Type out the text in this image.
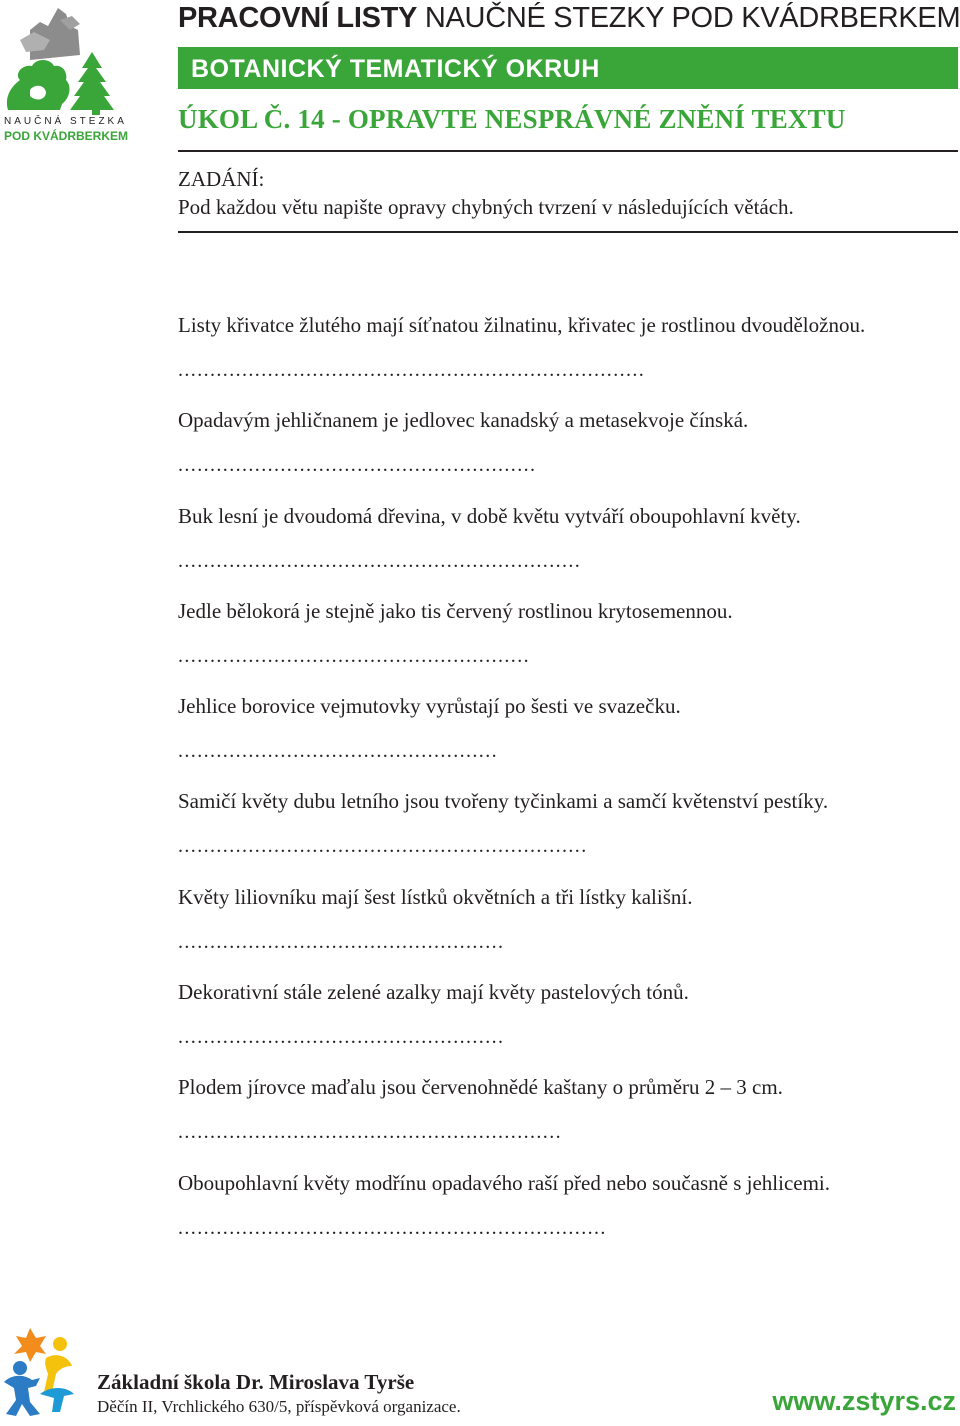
NAUČNÁ STEZKA
POD KVÁDRBERKEM
PRACOVNÍ LISTY NAUČNÉ STEZKY POD KVÁDRBERKEM
BOTANICKÝ TEMATICKÝ OKRUH
ÚKOL Č. 14 - OPRAVTE NESPRÁVNÉ ZNĚNÍ TEXTU
ZADÁNÍ:
Pod každou větu napište opravy chybných tvrzení v následujících větách.
Listy křivatce žlutého mají síťnatou žilnatinu, křivatec je rostlinou dvouděložnou.
.........................................................................
Opadavým jehličnanem je jedlovec kanadský a metasekvoje čínská.
........................................................
Buk lesní je dvoudomá dřevina, v době květu vytváří oboupohlavní květy.
...............................................................
Jedle bělokorá je stejně jako tis červený rostlinou krytosemennou.
.......................................................
Jehlice borovice vejmutovky vyrůstají po šesti ve svazečku.
..................................................
Samičí květy dubu letního jsou tvořeny tyčinkami a samčí květenství pestíky.
................................................................
Květy liliovníku mají šest lístků okvětních a tři lístky kališní.
...................................................
Dekorativní stále zelené azalky mají květy pastelových tónů.
...................................................
Plodem jírovce maďalu jsou červenohnědé kaštany o průměru 2 – 3 cm.
............................................................
Oboupohlavní květy modřínu opadavého raší před nebo současně s jehlicemi.
...................................................................
Základní škola Dr. Miroslava Tyrše
Děčín II, Vrchlického 630/5, příspěvková organizace.	www.zstyrs.cz
